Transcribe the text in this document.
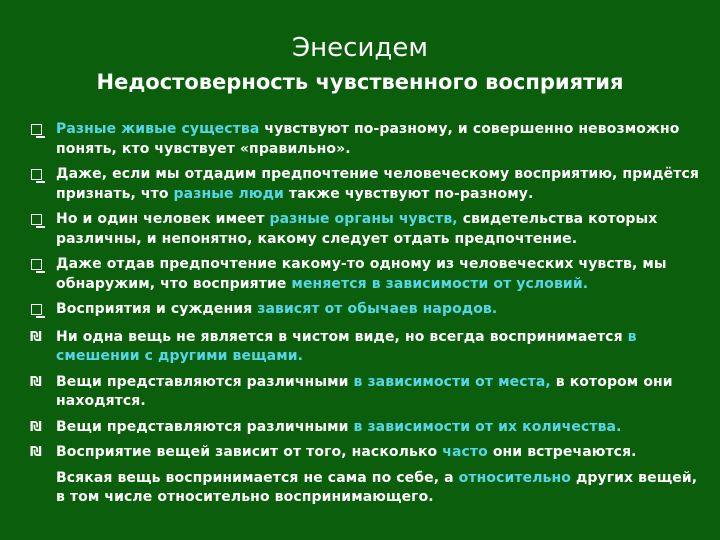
Энесидем
Недостоверность чувственного восприятия
Разные живые существа чувствуют по-разному, и совершенно невозможно понять, кто чувствует «правильно».
Даже, если мы отдадим предпочтение человеческому восприятию, придётся признать, что разные люди также чувствуют по-разному.
Но и один человек имеет разные органы чувств, свидетельства которых различны, и непонятно, какому следует отдать предпочтение.
Даже отдав предпочтение какому-то одному из человеческих чувств, мы обнаружим, что восприятие меняется в зависимости от условий.
Восприятия и суждения зависят от обычаев народов.
₪	Ни одна вещь не является в чистом виде, но всегда воспринимается в смешении с другими вещами.
₪	Вещи представляются различными в зависимости от места, в котором они находятся.
₪	Вещи представляются различными в зависимости от их количества.
₪	Восприятие вещей зависит от того, насколько часто они встречаются.
Всякая вещь воспринимается не сама по себе, а относительно других вещей, в том числе относительно воспринимающего.
